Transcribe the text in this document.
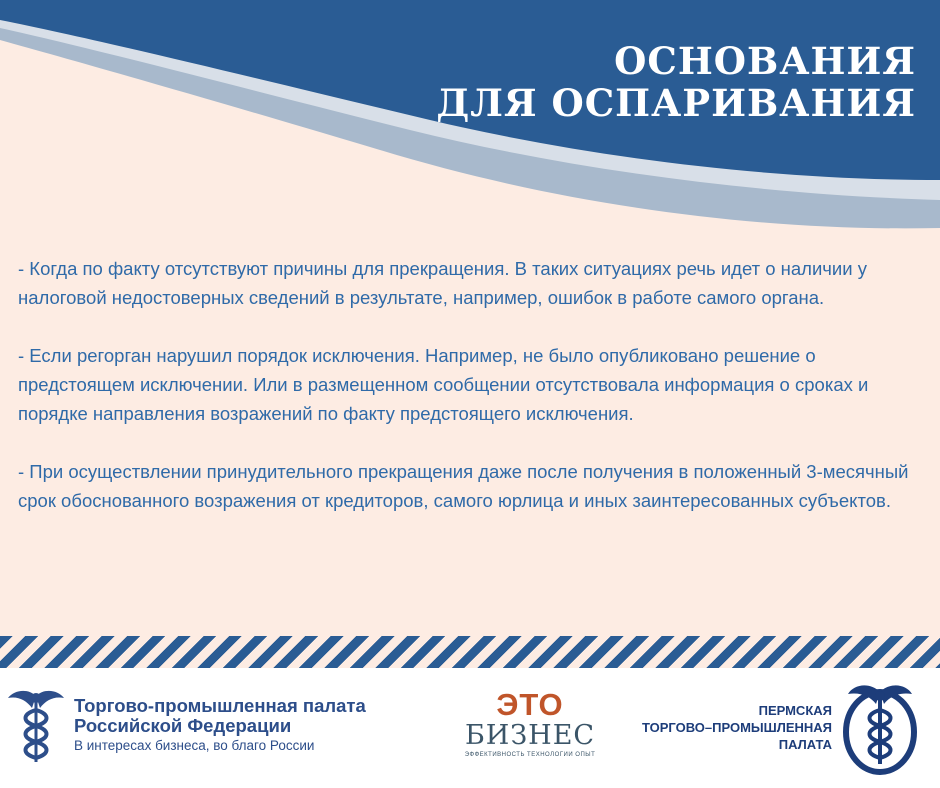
ОСНОВАНИЯ
ДЛЯ ОСПАРИВАНИЯ

- Когда по факту отсутствуют причины для прекращения. В таких ситуациях речь идет о наличии у налоговой недостоверных сведений в результате, например, ошибок в работе самого органа.

- Если регорган нарушил порядок исключения. Например, не было опубликовано решение о предстоящем исключении. Или в размещенном сообщении отсутствовала информация о сроках и порядке направления возражений по факту предстоящего исключения.

- При осуществлении принудительного прекращения даже после получения в положенный 3-месячный срок обоснованного возражения от кредиторов, самого юрлица и иных заинтересованных субъектов.

Торгово-промышленная палата
Российской Федерации
В интересах бизнеса, во благо России
ЭТО
БИЗНЕС
ЭФФЕКТИВНОСТЬ ТЕХНОЛОГИИ ОПЫТ
ПЕРМСКАЯ
ТОРГОВО–ПРОМЫШЛЕННАЯ
ПАЛАТА
